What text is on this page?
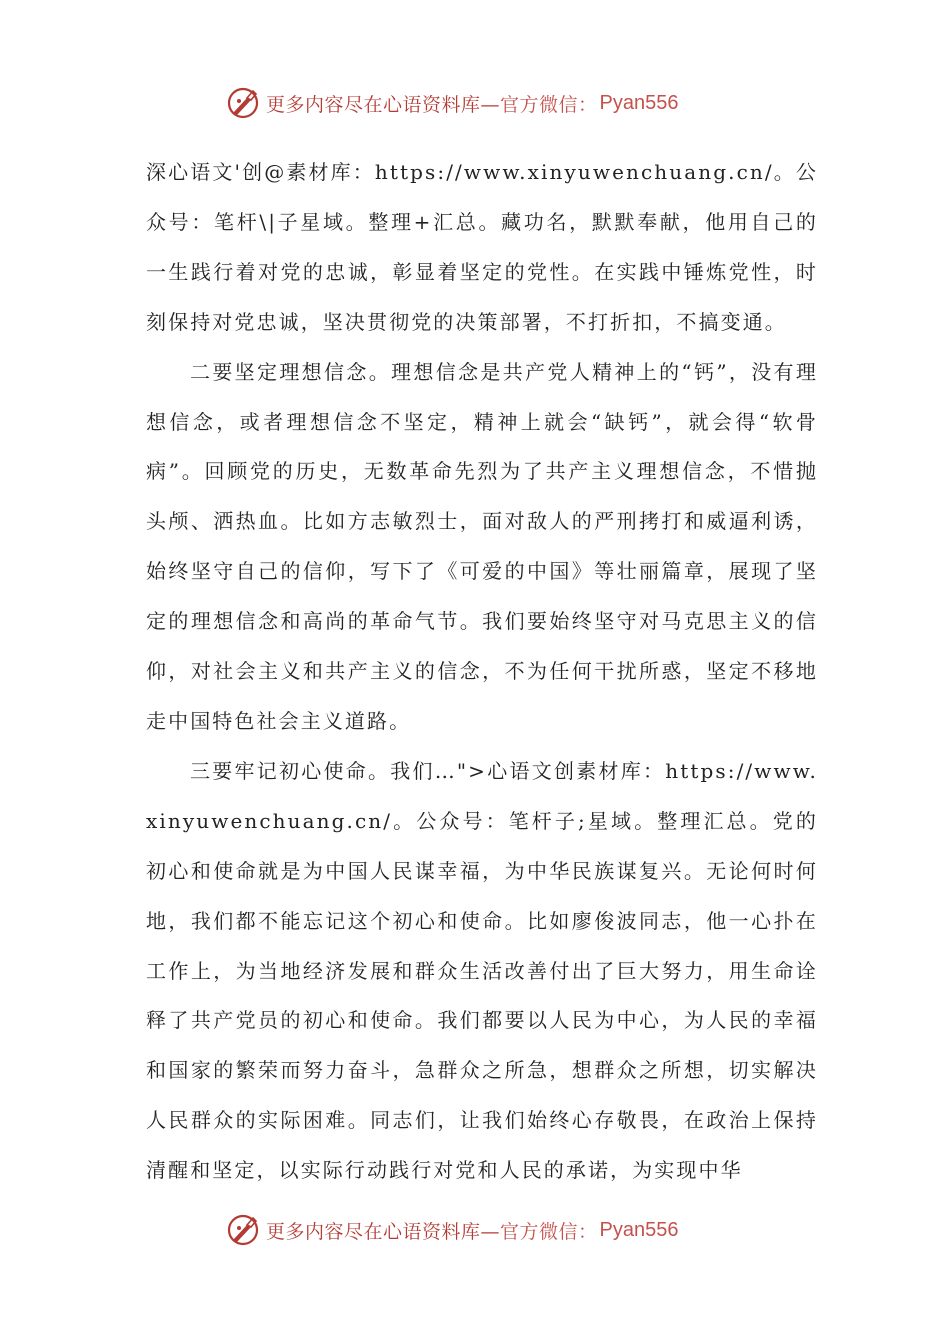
更多内容尽在心语资料库— 官方微信： Pyan556

深心语文'创@素材库：https://www.xinyuwenchuang.cn/。公众号：笔杆\|子星域。整理+汇总。藏功名，默默奉献，他用自己的一生践行着对党的忠诚，彰显着坚定的党性。在实践中锤炼党性，时刻保持对党忠诚，坚决贯彻党的决策部署，不打折扣，不搞变通。

二要坚定理想信念。理想信念是共产党人精神上的“钙”，没有理想信念，或者理想信念不坚定，精神上就会“缺钙”，就会得“软骨病”。回顾党的历史，无数革命先烈为了共产主义理想信念，不惜抛头颅、洒热血。比如方志敏烈士，面对敌人的严刑拷打和威逼利诱，始终坚守自己的信仰，写下了《可爱的中国》等壮丽篇章，展现了坚定的理想信念和高尚的革命气节。我们要始终坚守对马克思主义的信仰，对社会主义和共产主义的信念，不为任何干扰所惑，坚定不移地走中国特色社会主义道路。

三要牢记初心使命。我们…">心语文创素材库：https://www.xinyuwenchuang.cn/。公众号：笔杆子;星域。整理汇总。党的初心和使命就是为中国人民谋幸福，为中华民族谋复兴。无论何时何地，我们都不能忘记这个初心和使命。比如廖俊波同志，他一心扑在工作上，为当地经济发展和群众生活改善付出了巨大努力，用生命诠释了共产党员的初心和使命。我们都要以人民为中心，为人民的幸福和国家的繁荣而努力奋斗，急群众之所急，想群众之所想，切实解决人民群众的实际困难。同志们，让我们始终心存敬畏，在政治上保持清醒和坚定，以实际行动践行对党和人民的承诺，为实现中华

更多内容尽在心语资料库— 官方微信： Pyan556
